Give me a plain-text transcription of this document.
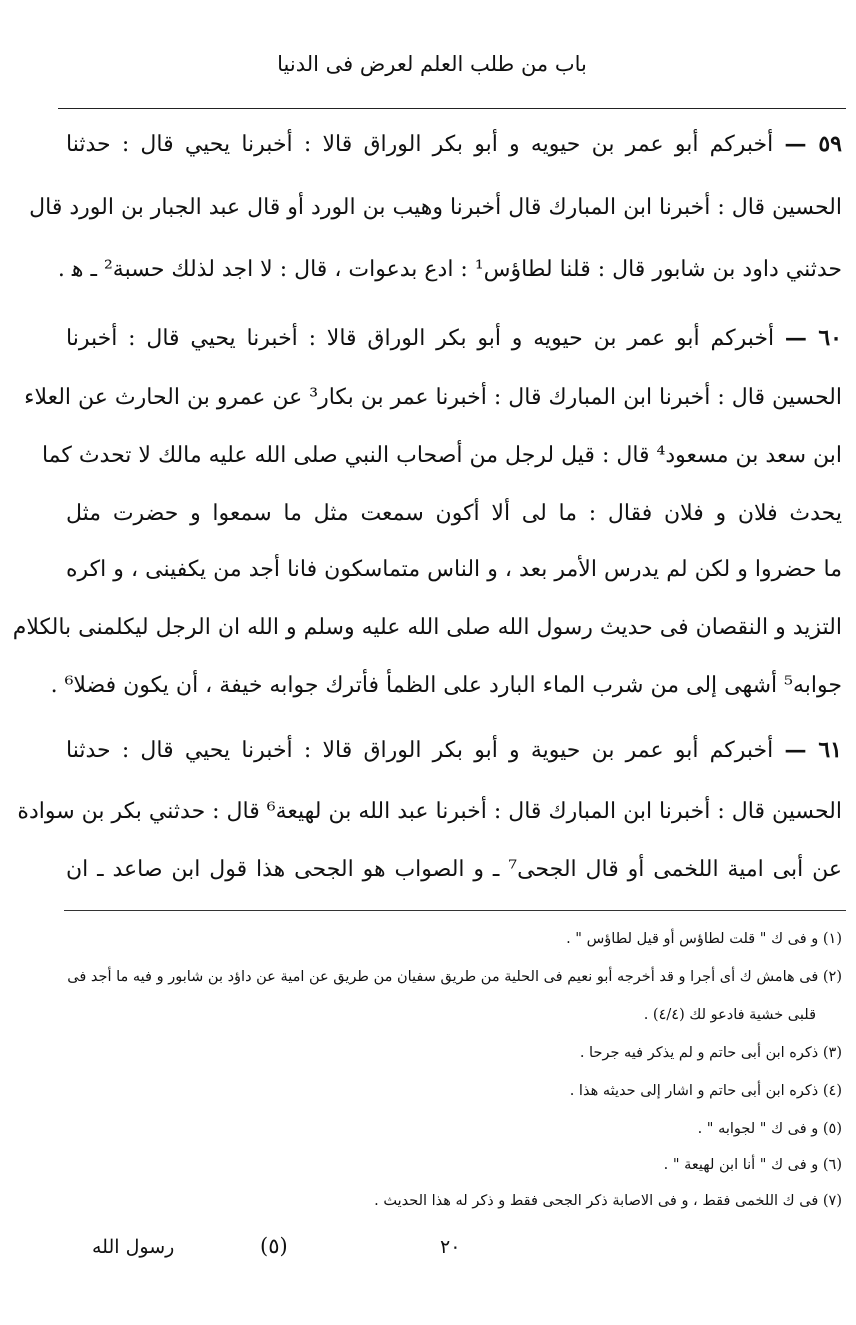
باب من طلب العلم لعرض فى الدنيا
٥٩ — أخبركم أبو عمر بن حيويه و أبو بكر الوراق قالا : أخبرنا يحيي قال : حدثنا
الحسين قال : أخبرنا ابن المبارك قال أخبرنا وهيب بن الورد أو قال عبد الجبار بن الورد قال
حدثني داود بن شابور قال : قلنا لطاؤس¹ : ادع بدعوات ، قال : لا اجد لذلك حسبة² ـ ﻫ .
٦٠ — أخبركم أبو عمر بن حيويه و أبو بكر الوراق قالا : أخبرنا يحيي قال : أخبرنا
الحسين قال : أخبرنا ابن المبارك قال : أخبرنا عمر بن بكار³ عن عمرو بن الحارث عن العلاء
ابن سعد بن مسعود⁴ قال : قيل لرجل من أصحاب النبي صلى الله عليه مالك لا تحدث كما
يحدث فلان و فلان فقال : ما لى ألا أكون سمعت مثل ما سمعوا و حضرت مثل
ما حضروا و لكن لم يدرس الأمر بعد ، و الناس متماسكون فانا أجد من يكفينى ، و اكره
التزيد و النقصان فى حديث رسول الله صلى الله عليه وسلم و الله ان الرجل ليكلمنى بالكلام
جوابه⁵ أشهى إلى من شرب الماء البارد على الظمأ فأترك جوابه خيفة ، أن يكون فضلا⁶ .
٦١ — أخبركم أبو عمر بن حيوية و أبو بكر الوراق قالا : أخبرنا يحيي قال : حدثنا
الحسين قال : أخبرنا ابن المبارك قال : أخبرنا عبد الله بن لهيعة⁶ قال : حدثني بكر بن سوادة
عن أبى امية اللخمى أو قال الجحى⁷ ـ و الصواب هو الجحى هذا قول ابن صاعد ـ ان
(١) و فى ك " قلت لطاؤس أو قيل لطاؤس " .
(٢) فى هامش ك أى أجرا و قد أخرجه أبو نعيم فى الحلية من طريق سفيان من طريق عن امية عن داؤد بن شابور و فيه ما أجد فى
قلبى خشية فادعو لك (٤/٤) .
(٣) ذكره ابن أبى حاتم و لم يذكر فيه جرحا .
(٤) ذكره ابن أبى حاتم و اشار إلى حديثه هذا .
(٥) و فى ك " لجوابه " .
(٦) و فى ك " أنا ابن لهيعة " .
(٧) فى ك اللخمى فقط ، و فى الاصابة ذكر الجحى فقط و ذكر له هذا الحديث .
رسول الله	(٥)	٢٠
